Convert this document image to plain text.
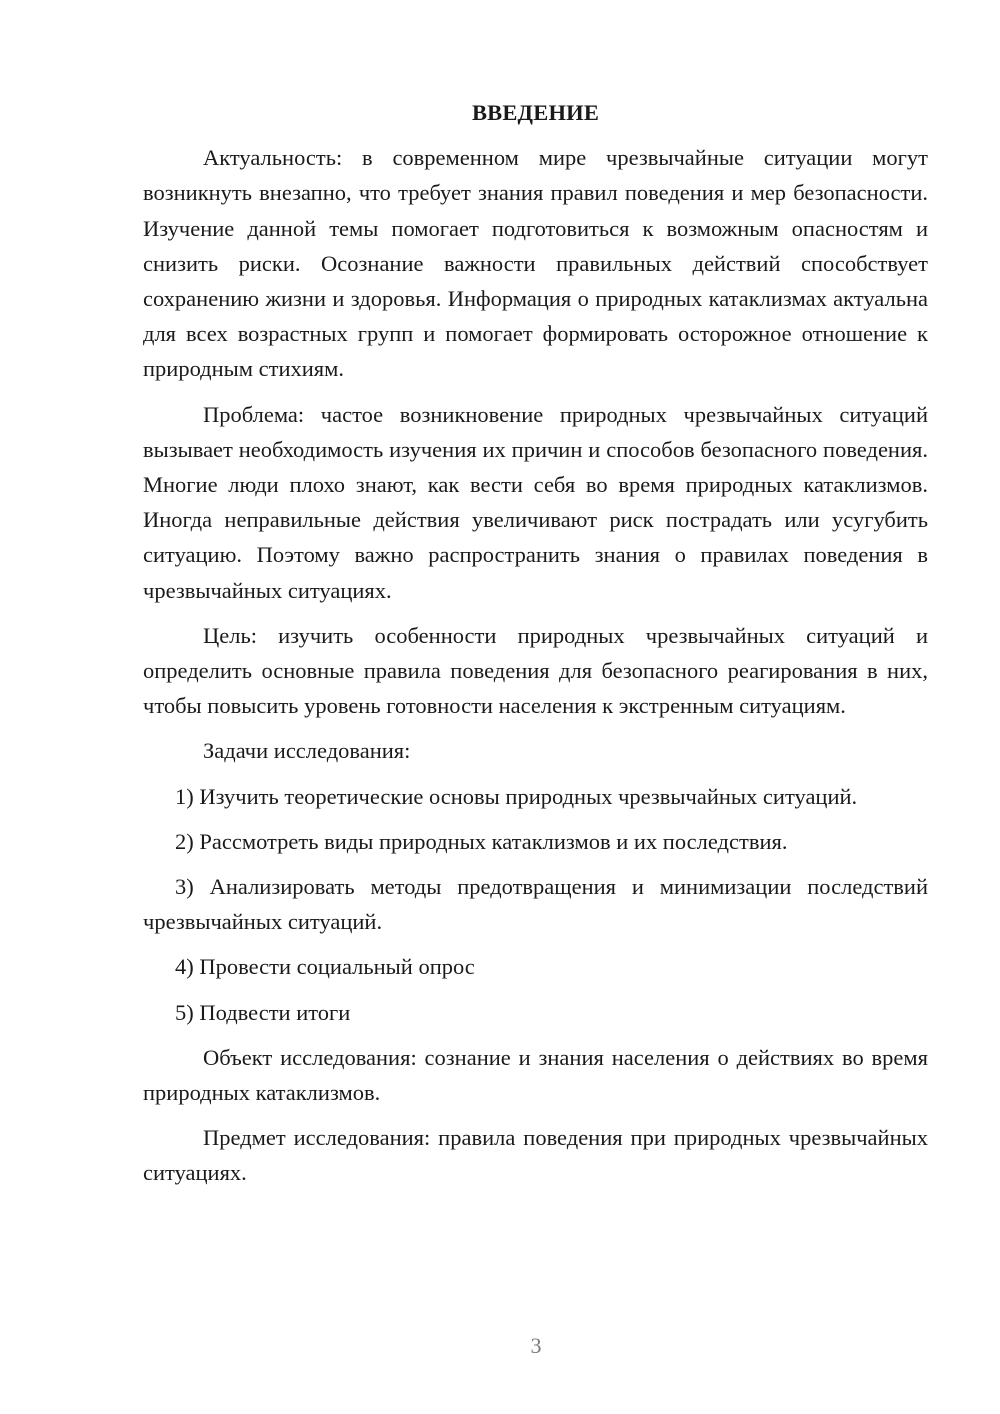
ВВЕДЕНИЕ

Актуальность: в современном мире чрезвычайные ситуации могут возникнуть внезапно, что требует знания правил поведения и мер безопасности. Изучение данной темы помогает подготовиться к возможным опасностям и снизить риски. Осознание важности правильных действий способствует сохранению жизни и здоровья. Информация о природных катаклизмах актуальна для всех возрастных групп и помогает формировать осторожное отношение к природным стихиям.

Проблема: частое возникновение природных чрезвычайных ситуаций вызывает необходимость изучения их причин и способов безопасного поведения. Многие люди плохо знают, как вести себя во время природных катаклизмов. Иногда неправильные действия увеличивают риск пострадать или усугубить ситуацию. Поэтому важно распространить знания о правилах поведения в чрезвычайных ситуациях.

Цель: изучить особенности природных чрезвычайных ситуаций и определить основные правила поведения для безопасного реагирования в них, чтобы повысить уровень готовности населения к экстренным ситуациям.

Задачи исследования:

1) Изучить теоретические основы природных чрезвычайных ситуаций.

2) Рассмотреть виды природных катаклизмов и их последствия.

3) Анализировать методы предотвращения и минимизации последствий чрезвычайных ситуаций.

4) Провести социальный опрос

5) Подвести итоги

Объект исследования: сознание и знания населения о действиях во время природных катаклизмов.

Предмет исследования: правила поведения при природных чрезвычайных ситуациях.

3
